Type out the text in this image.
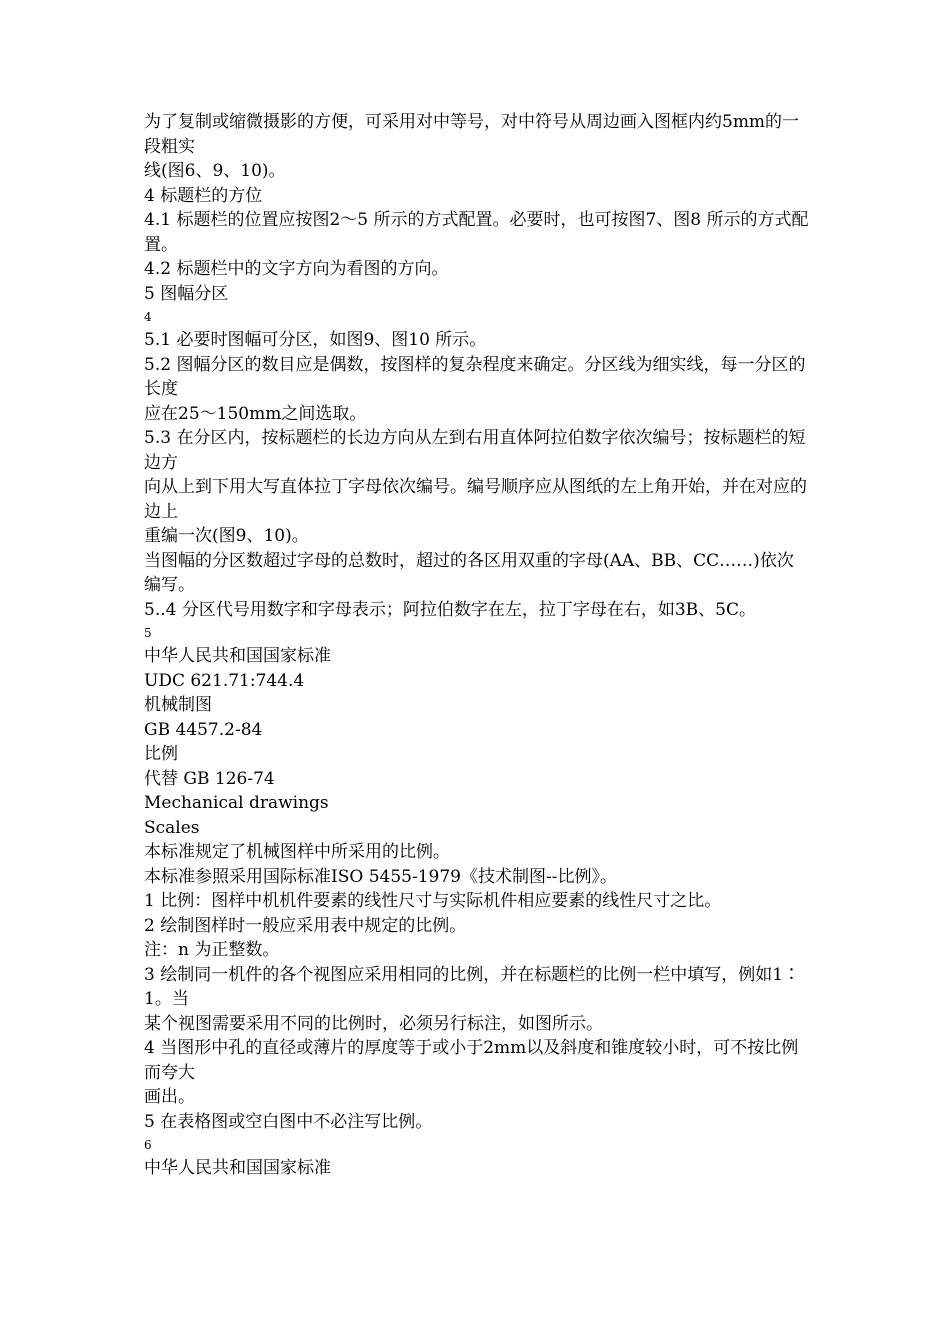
为了复制或缩微摄影的方便，可采用对中等号，对中符号从周边画入图框内约5mm的一段粗实
线(图6、9、10)。
4 标题栏的方位
4.1 标题栏的位置应按图2～5 所示的方式配置。必要时，也可按图7、图8 所示的方式配置。
4.2 标题栏中的文字方向为看图的方向。
5 图幅分区
4
5.1 必要时图幅可分区，如图9、图10 所示。
5.2 图幅分区的数目应是偶数，按图样的复杂程度来确定。分区线为细实线，每一分区的长度
应在25～150mm之间选取。
5.3 在分区内，按标题栏的长边方向从左到右用直体阿拉伯数字依次编号；按标题栏的短边方
向从上到下用大写直体拉丁字母依次编号。编号顺序应从图纸的左上角开始，并在对应的边上
重编一次(图9、10)。
当图幅的分区数超过字母的总数时，超过的各区用双重的字母(AA、BB、CC……)依次编写。
5..4 分区代号用数字和字母表示；阿拉伯数字在左，拉丁字母在右，如3B、5C。
5
中华人民共和国国家标准
UDC 621.71:744.4
机械制图
GB 4457.2-84
比例
代替 GB 126-74
Mechanical drawings
Scales
本标准规定了机械图样中所采用的比例。
本标准参照采用国际标准ISO 5455-1979《技术制图--比例》。
1 比例：图样中机机件要素的线性尺寸与实际机件相应要素的线性尺寸之比。
2 绘制图样时一般应采用表中规定的比例。
注：n 为正整数。
3 绘制同一机件的各个视图应采用相同的比例，并在标题栏的比例一栏中填写，例如1∶1。当
某个视图需要采用不同的比例时，必须另行标注，如图所示。
4 当图形中孔的直径或薄片的厚度等于或小于2mm以及斜度和锥度较小时，可不按比例而夸大
画出。
5 在表格图或空白图中不必注写比例。
6
中华人民共和国国家标准
